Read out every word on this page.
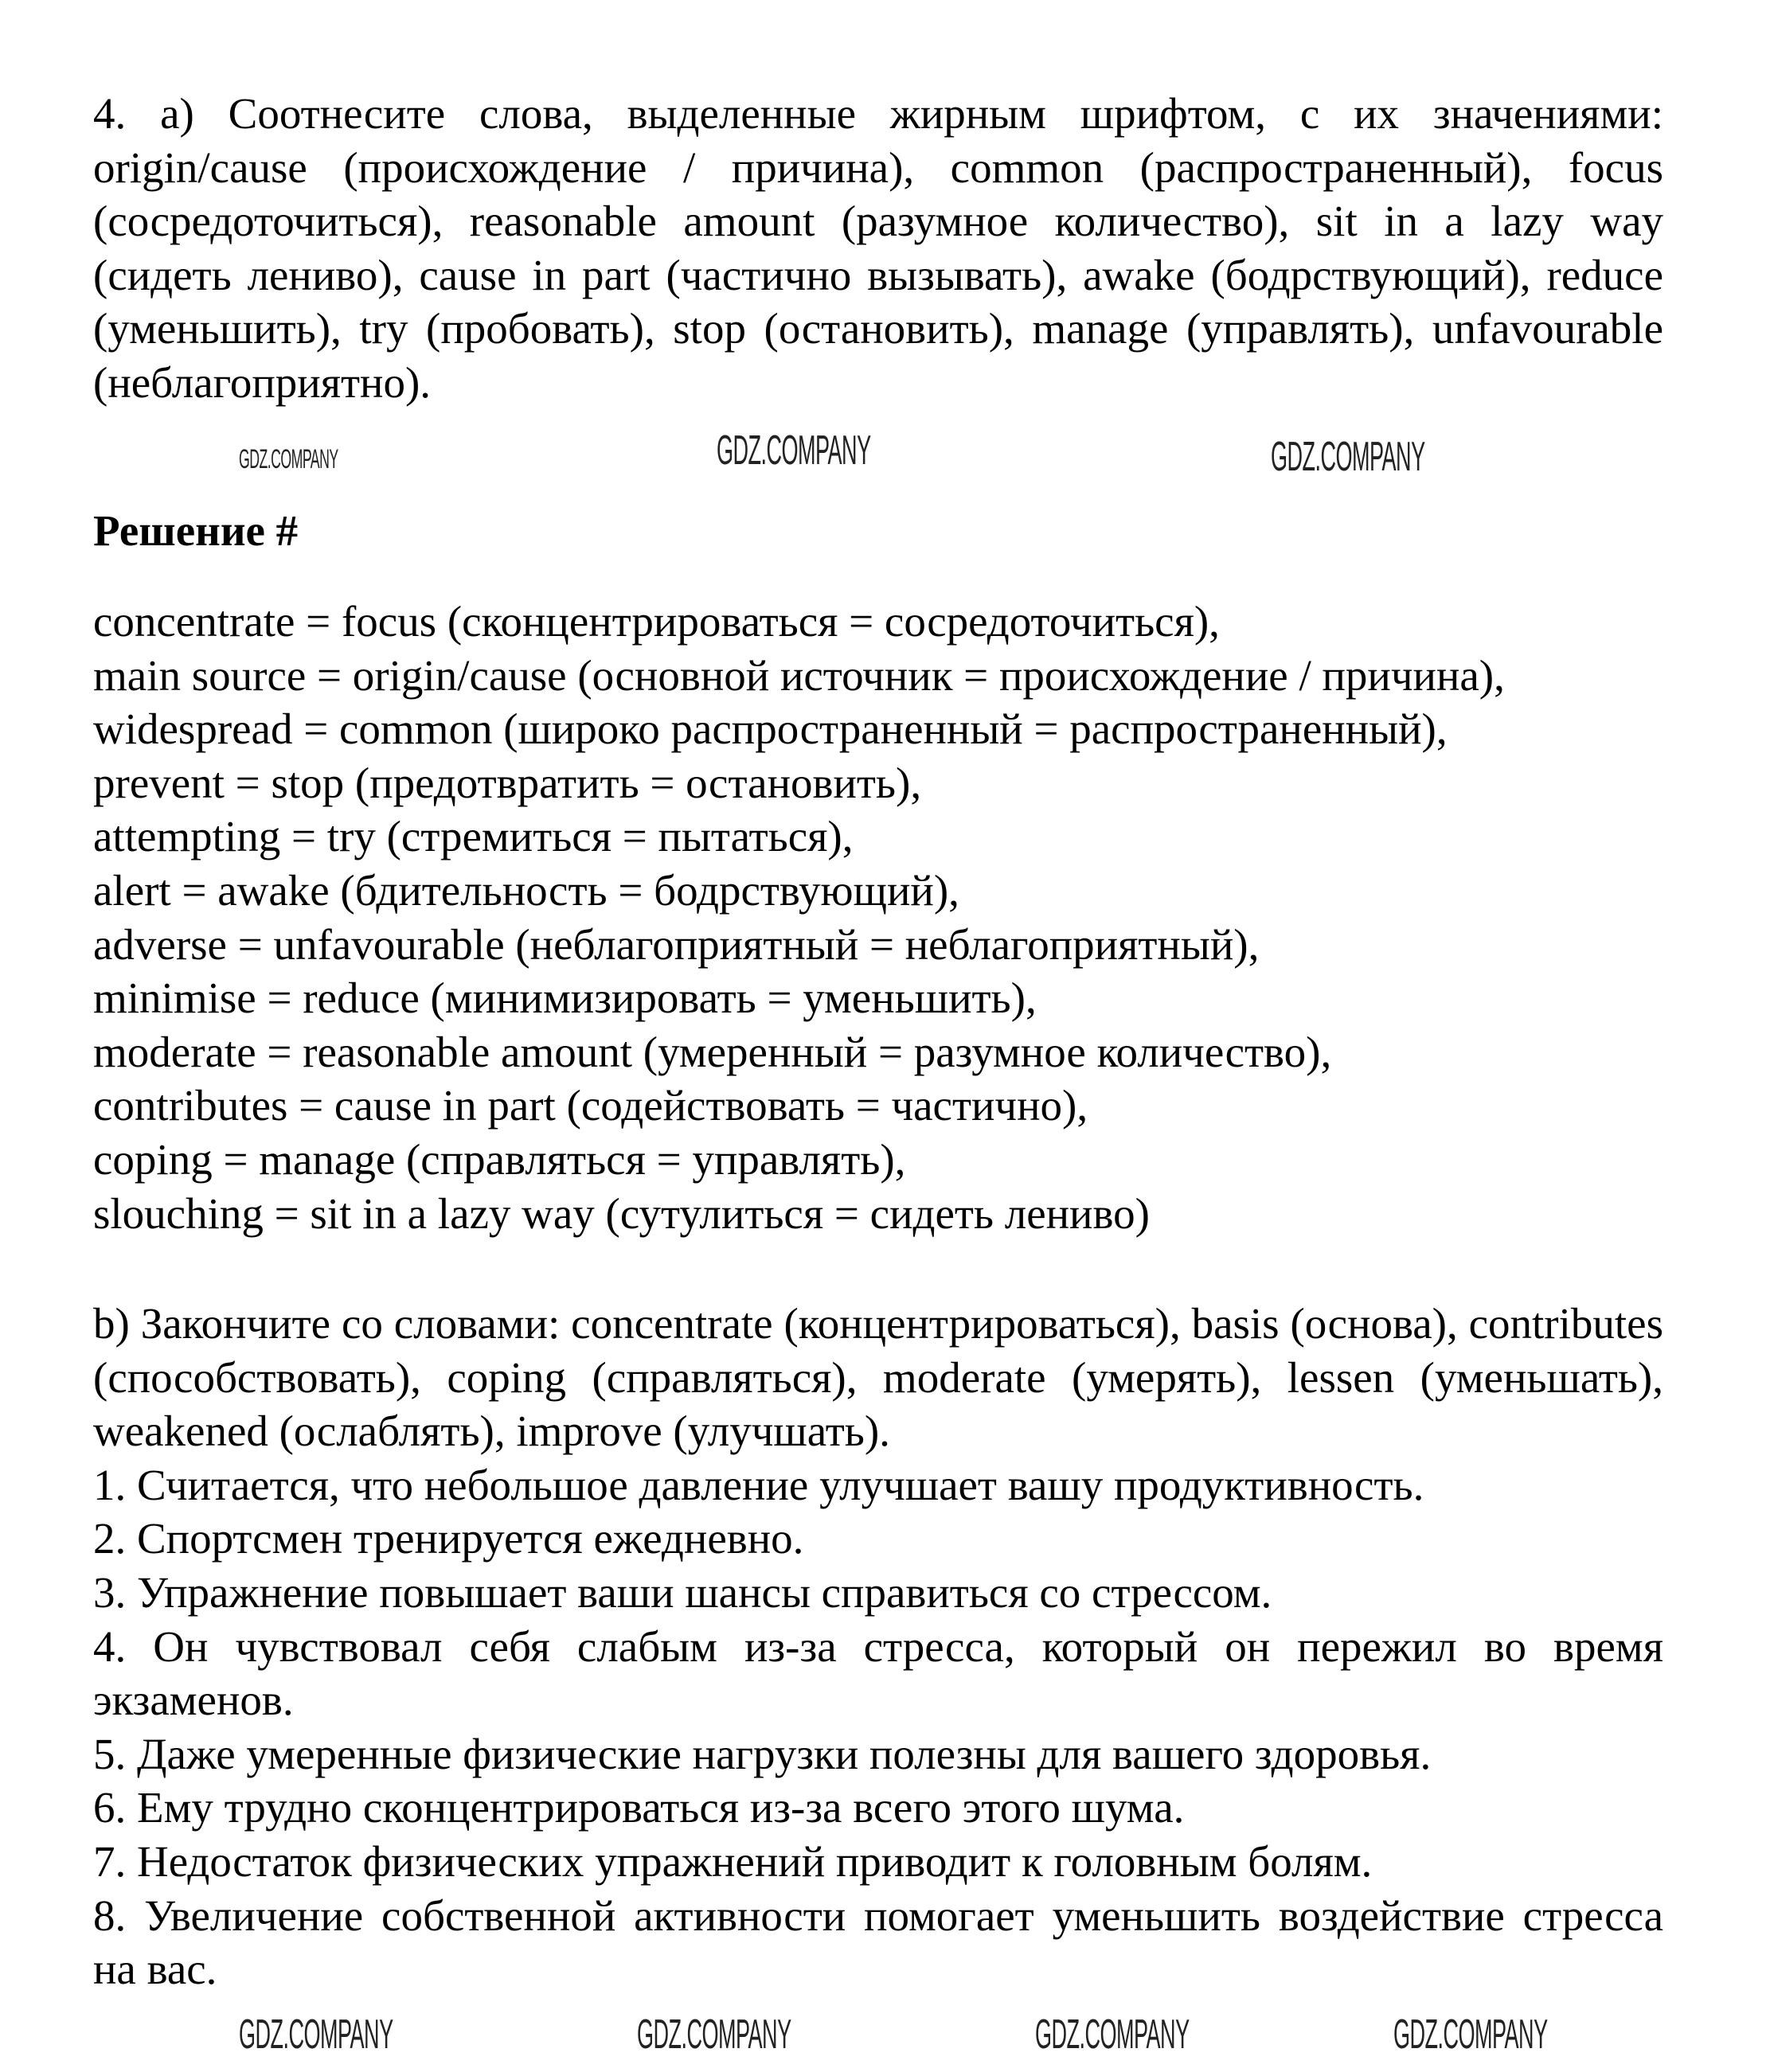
4. a) Соотнесите слова, выделенные жирным шрифтом, с их значениями: origin/cause (происхождение / причина), common (распространенный), focus (сосредоточиться), reasonable amount (разумное количество), sit in a lazy way (сидеть лениво), cause in part (частично вызывать), awake (бодрствующий), reduce (уменьшить), try (пробовать), stop (остановить), manage (управлять), unfavourable (неблагоприятно).
Решение #
concentrate = focus (сконцентрироваться = сосредоточиться),
main source = origin/cause (основной источник = происхождение / причина),
widespread = common (широко распространенный = распространенный),
prevent = stop (предотвратить = остановить),
attempting = try (стремиться = пытаться),
alert = awake (бдительность = бодрствующий),
adverse = unfavourable (неблагоприятный = неблагоприятный),
minimise = reduce (минимизировать = уменьшить),
moderate = reasonable amount (умеренный = разумное количество),
contributes = cause in part (содействовать = частично),
coping = manage (справляться = управлять),
slouching = sit in a lazy way (сутулиться = сидеть лениво)
b) Закончите со словами: concentrate (концентрироваться), basis (основа), contributes (способствовать), coping (справляться), moderate (умерять), lessen (уменьшать), weakened (ослаблять), improve (улучшать).
1. Считается, что небольшое давление улучшает вашу продуктивность.
2. Спортсмен тренируется ежедневно.
3. Упражнение повышает ваши шансы справиться со стрессом.
4. Он чувствовал себя слабым из-за стресса, который он пережил во время экзаменов.
5. Даже умеренные физические нагрузки полезны для вашего здоровья.
6. Ему трудно сконцентрироваться из-за всего этого шума.
7. Недостаток физических упражнений приводит к головным болям.
8. Увеличение собственной активности помогает уменьшить воздействие стресса на вас.
GDZ.COMPANY	GDZ.COMPANY
GDZ.COMPANY
GDZ.COMPANY	GDZ.COMPANY	GDZ.COMPANY	GDZ.COMPANY
